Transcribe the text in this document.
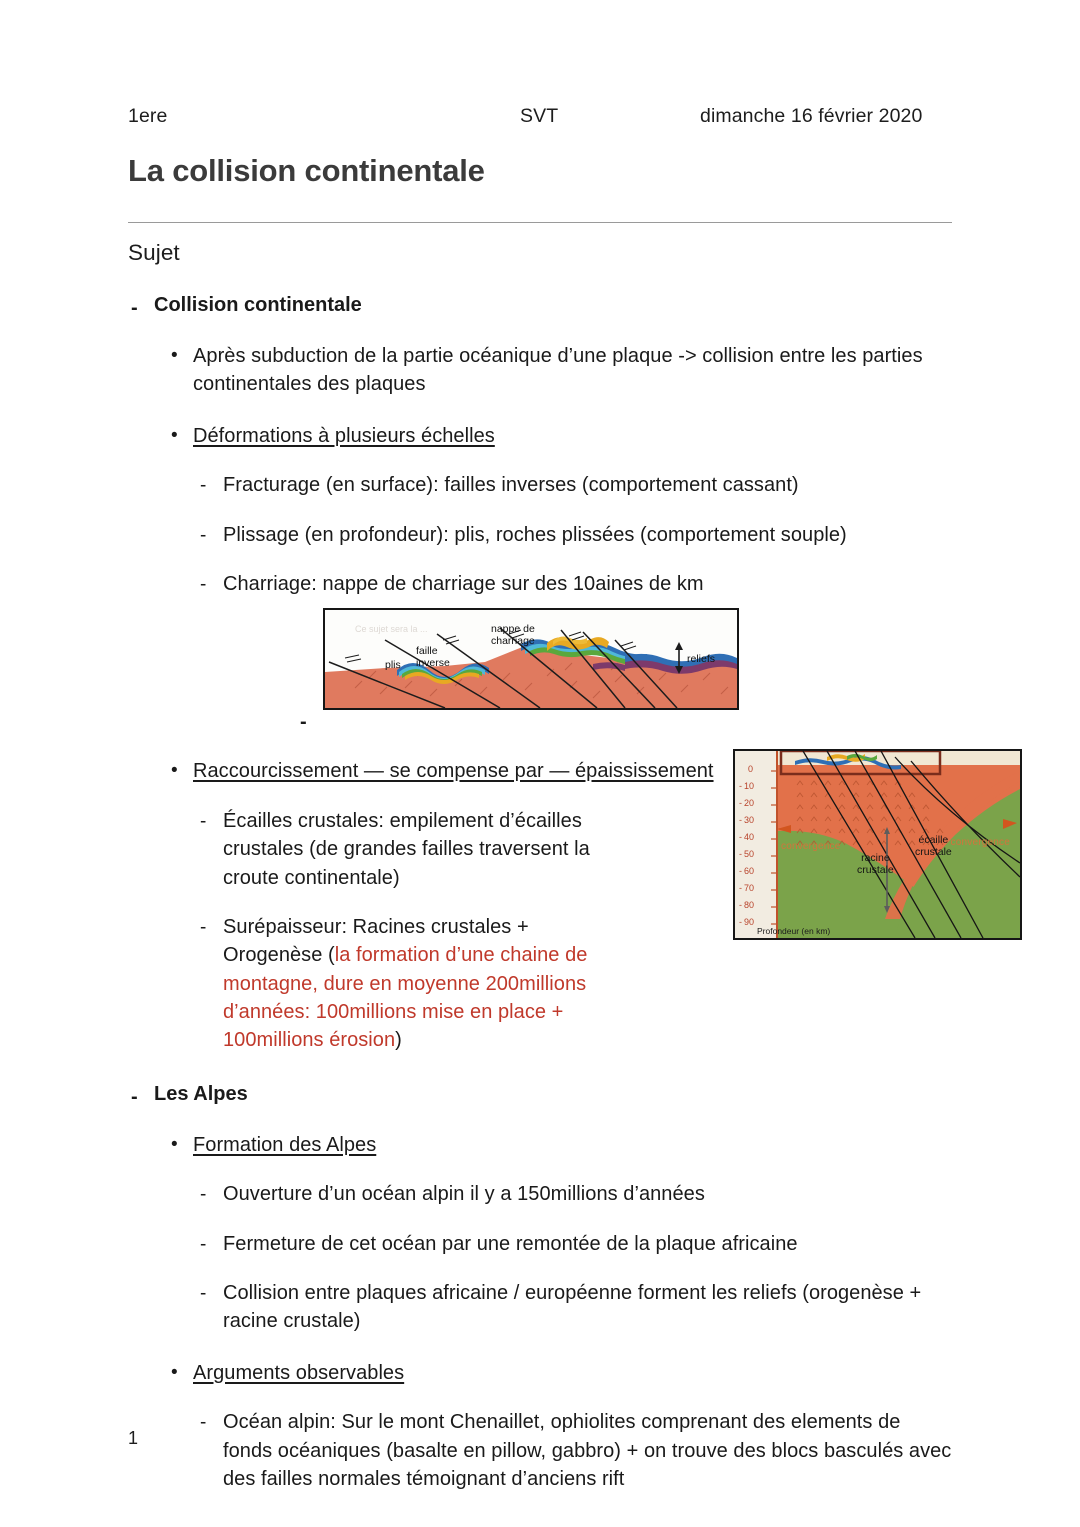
1ere	SVT	dimanche 16 février 2020
La collision continentale
Sujet
- Collision continentale
• Après subduction de la partie océanique d’une plaque -> collision entre les parties continentales des plaques
• Déformations à plusieurs échelles
- Fracturage (en surface): failles inverses (comportement cassant)
- Plissage (en profondeur): plis, roches plissées (comportement souple)
- Charriage: nappe de charriage sur des 10aines de km
Ce sujet sera la ...
plis
faille
inverse
nappe de
charriage
reliefs
-
• Raccourcissement — se compense par — épaississement
- Écailles crustales: empilement d’écailles crustales (de grandes failles traversent la croute continentale)
- Surépaisseur: Racines crustales + Orogenèse (la formation d’une chaine de montagne, dure en moyenne 200millions d’années: 100millions mise en place + 100millions érosion)
- Les Alpes
• Formation des Alpes
- Ouverture d’un océan alpin il y a 150millions d’années
- Fermeture de cet océan par une remontée de la plaque africaine
- Collision entre plaques africaine / européenne forment les reliefs (orogenèse + racine crustale)
• Arguments observables
- Océan alpin: Sur le mont Chenaillet, ophiolites comprenant des elements de fonds océaniques (basalte en pillow, gabbro) + on trouve des blocs basculés avec des failles normales témoignant d’anciens rift
0
- 10
- 20
- 30
- 40
- 50
- 60
- 70
- 80
- 90
Profondeur (en km)
convergence	convergence
racine
crustale
écaille
crustale
1
